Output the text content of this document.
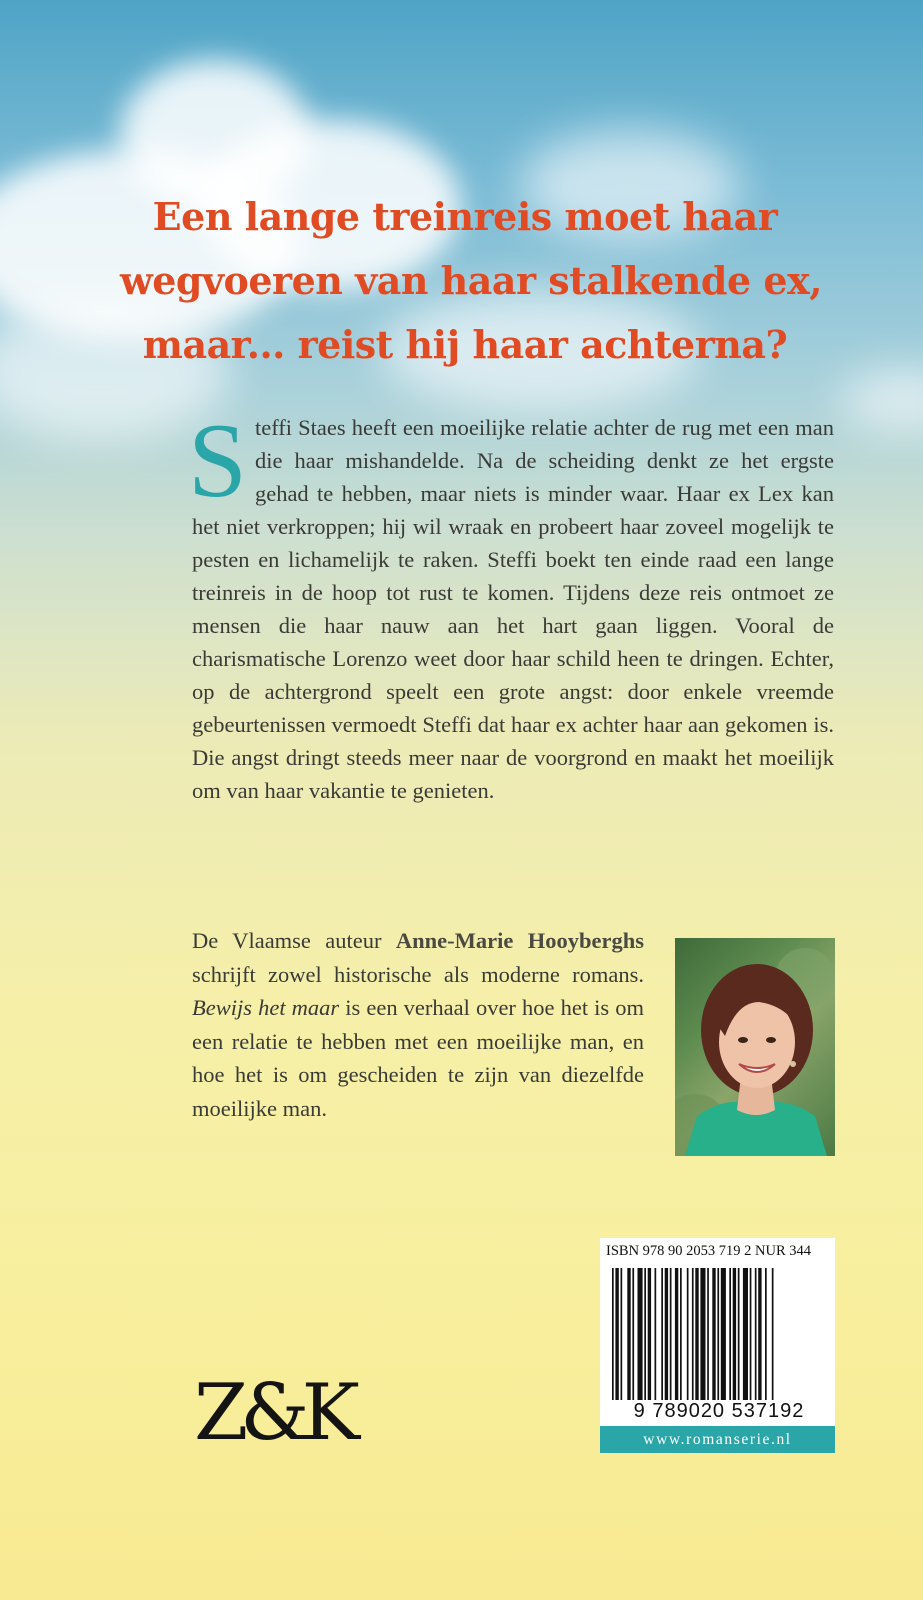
Een lange treinreis moet haar
wegvoeren van haar stalkende ex,
maar... reist hij haar achterna?
S teffi Staes heeft een moeilijke relatie achter de rug met een man die haar mishandelde. Na de scheiding denkt ze het ergste gehad te hebben, maar niets is minder waar. Haar ex Lex kan het niet verkroppen; hij wil wraak en probeert haar zoveel mogelijk te pesten en lichamelijk te raken. Steffi boekt ten einde raad een lange treinreis in de hoop tot rust te komen. Tijdens deze reis ontmoet ze mensen die haar nauw aan het hart gaan liggen. Vooral de charismatische Lorenzo weet door haar schild heen te dringen. Echter, op de achtergrond speelt een grote angst: door enkele vreemde gebeurtenissen vermoedt Steffi dat haar ex achter haar aan gekomen is. Die angst dringt steeds meer naar de voorgrond en maakt het moeilijk om van haar vakantie te genieten.
De Vlaamse auteur Anne-Marie Hooyberghs schrijft zowel historische als moderne romans. Bewijs het maar is een verhaal over hoe het is om een relatie te hebben met een moeilijke man, en hoe het is om gescheiden te zijn van diezelfde moeilijke man.
ISBN 978 90 2053 719 2 NUR 344
9 789020 537192
www.romanserie.nl
Z&K
